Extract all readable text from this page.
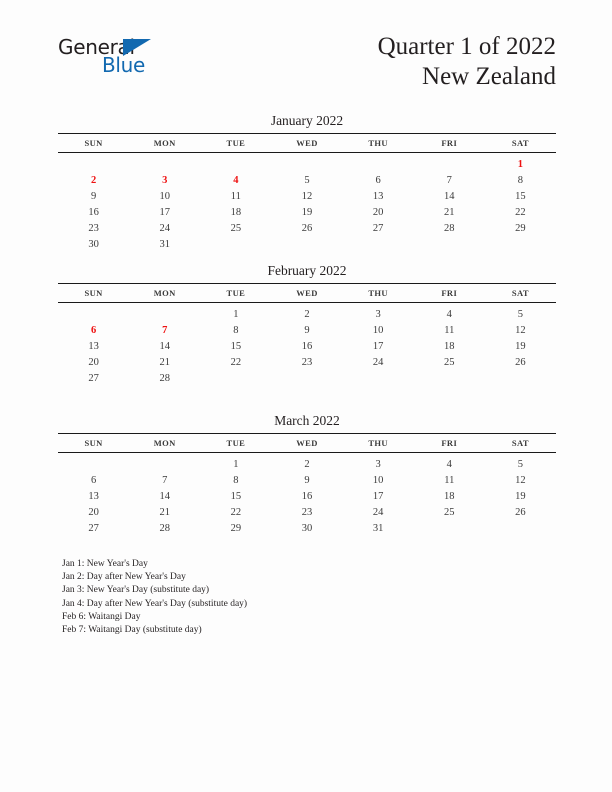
General
Blue
Quarter 1 of 2022
New Zealand
January 2022
SUN	MON	TUE	WED	THU	FRI	SAT
						1
2	3	4	5	6	7	8
9	10	11	12	13	14	15
16	17	18	19	20	21	22
23	24	25	26	27	28	29
30	31					
February 2022
SUN	MON	TUE	WED	THU	FRI	SAT
		1	2	3	4	5
6	7	8	9	10	11	12
13	14	15	16	17	18	19
20	21	22	23	24	25	26
27	28					
March 2022
SUN	MON	TUE	WED	THU	FRI	SAT
		1	2	3	4	5
6	7	8	9	10	11	12
13	14	15	16	17	18	19
20	21	22	23	24	25	26
27	28	29	30	31		
Jan 1: New Year's Day
Jan 2: Day after New Year's Day
Jan 3: New Year's Day (substitute day)
Jan 4: Day after New Year's Day (substitute day)
Feb 6: Waitangi Day
Feb 7: Waitangi Day (substitute day)
